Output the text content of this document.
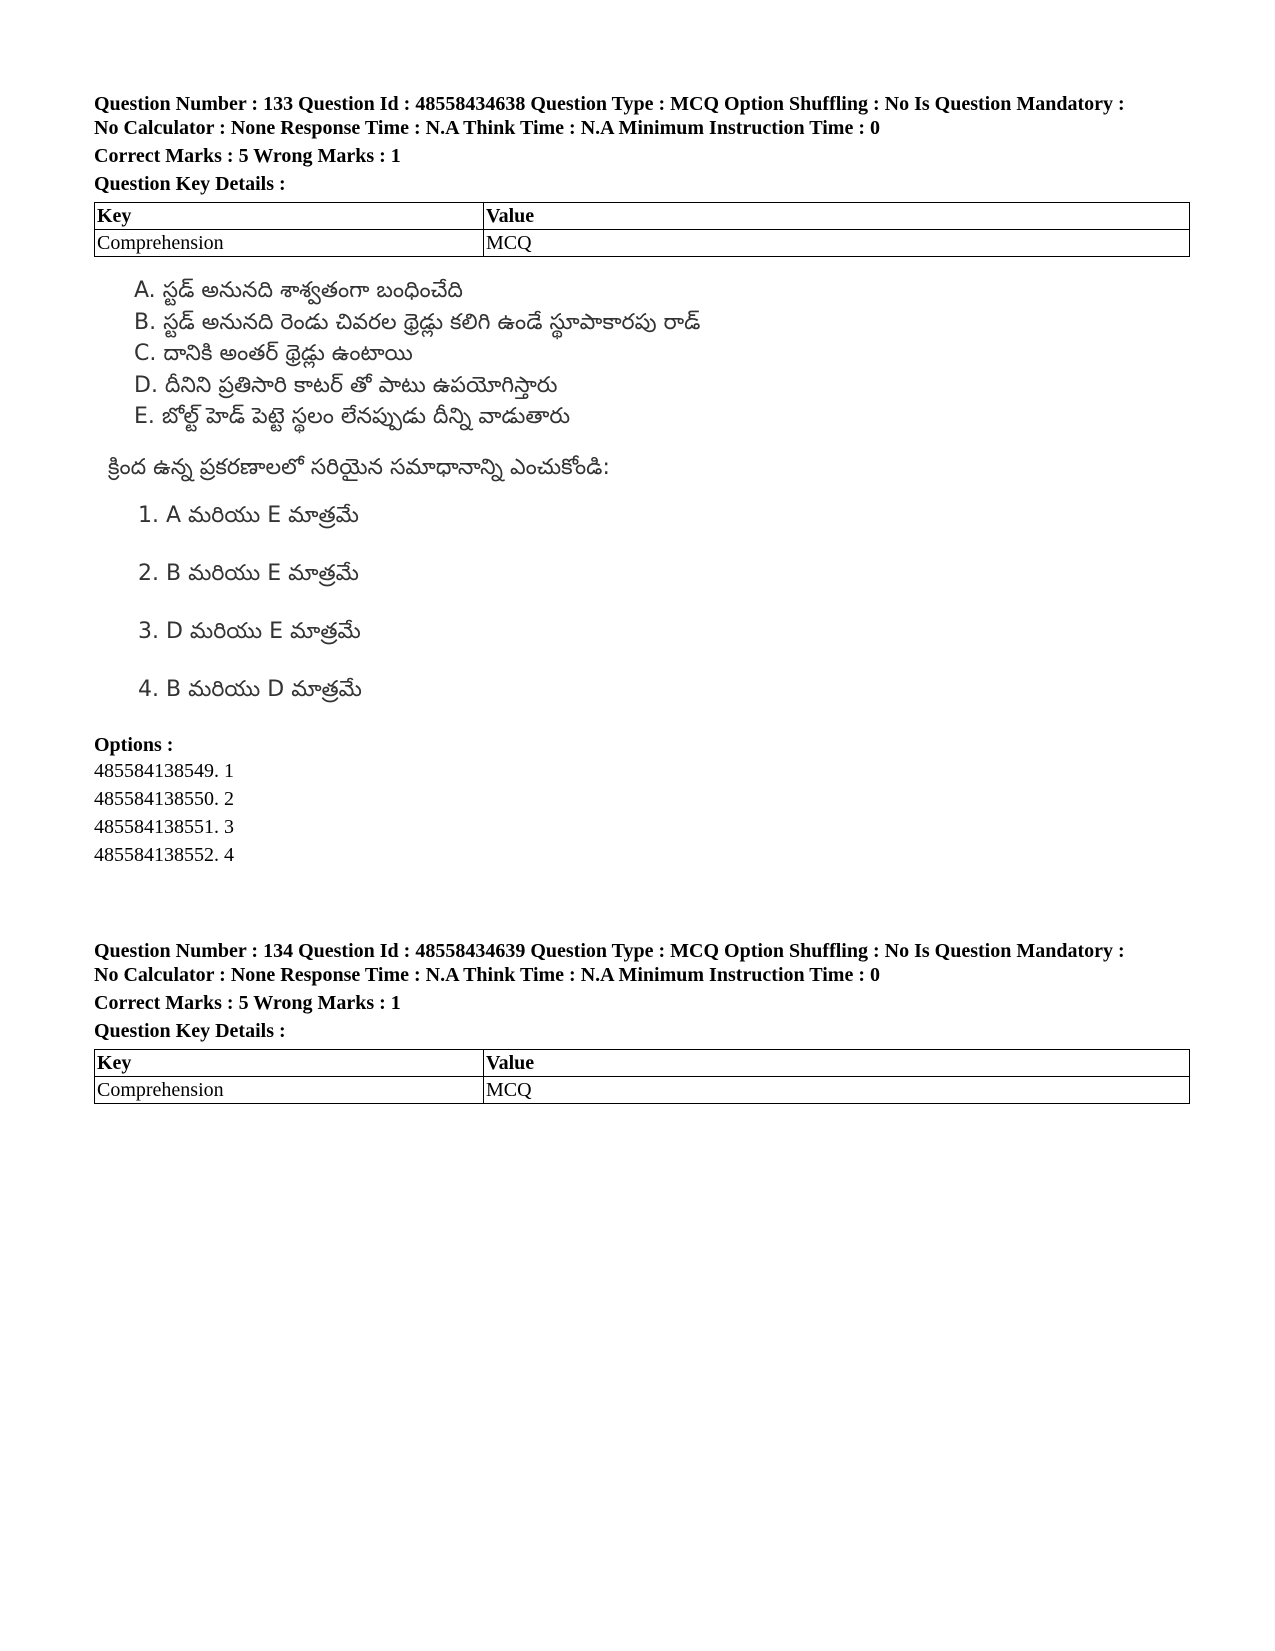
Question Number : 133 Question Id : 48558434638 Question Type : MCQ Option Shuffling : No Is Question Mandatory :
No Calculator : None Response Time : N.A Think Time : N.A Minimum Instruction Time : 0
Correct Marks : 5 Wrong Marks : 1
Question Key Details :
Key	Value
Comprehension	MCQ
A. స్టడ్ అనునది శాశ్వతంగా బంధించేది
B. స్టడ్ అనునది రెండు చివరల థ్రెడ్లు కలిగి ఉండే స్థూపాకారపు రాడ్
C. దానికి అంతర్ థ్రెడ్లు ఉంటాయి
D. దీనిని ప్రతిసారి కాటర్ తో పాటు ఉపయోగిస్తారు
E. బోల్ట్ హెడ్ పెట్టె స్థలం లేనప్పుడు దీన్ని వాడుతారు
క్రింద ఉన్న ప్రకరణాలలో సరియైన సమాధానాన్ని ఎంచుకోండి:
1. A మరియు E మాత్రమే
2. B మరియు E మాత్రమే
3. D మరియు E మాత్రమే
4. B మరియు D మాత్రమే
Options :
485584138549. 1
485584138550. 2
485584138551. 3
485584138552. 4
Question Number : 134 Question Id : 48558434639 Question Type : MCQ Option Shuffling : No Is Question Mandatory :
No Calculator : None Response Time : N.A Think Time : N.A Minimum Instruction Time : 0
Correct Marks : 5 Wrong Marks : 1
Question Key Details :
Key	Value
Comprehension	MCQ
